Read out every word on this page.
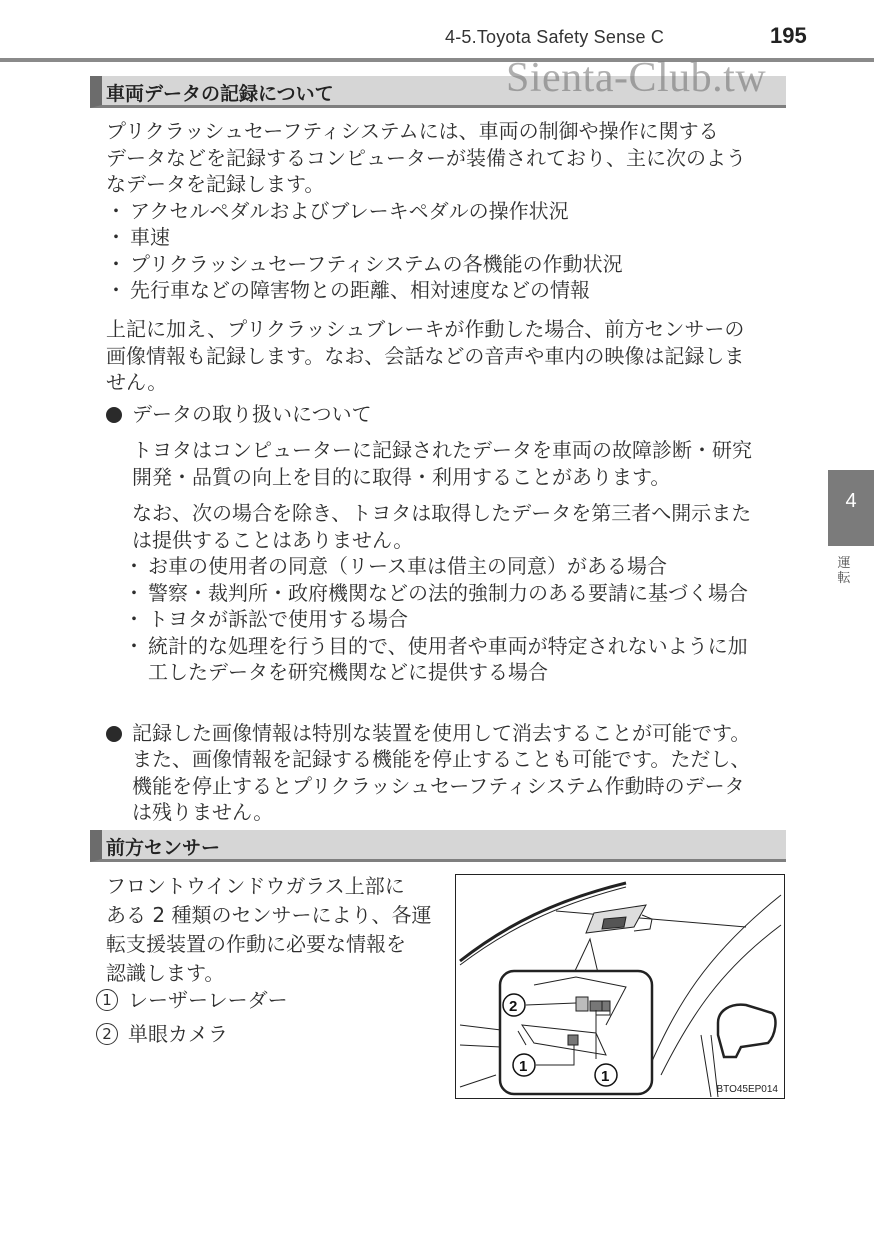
4-5.Toyota Safety Sense C	195
Sienta-Club.tw
4
運転
車両データの記録について
プリクラッシュセーフティシステムには、車両の制御や操作に関する
データなどを記録するコンピューターが装備されており、主に次のよう
なデータを記録します。
・ アクセルペダルおよびブレーキペダルの操作状況
・ 車速
・ プリクラッシュセーフティシステムの各機能の作動状況
・ 先行車などの障害物との距離、相対速度などの情報
上記に加え、プリクラッシュブレーキが作動した場合、前方センサーの
画像情報も記録します。なお、会話などの音声や車内の映像は記録しま
せん。
データの取り扱いについて
トヨタはコンピューターに記録されたデータを車両の故障診断・研究
開発・品質の向上を目的に取得・利用することがあります。
なお、次の場合を除き、トヨタは取得したデータを第三者へ開示また
は提供することはありません。
・ お車の使用者の同意（リース車は借主の同意）がある場合
・ 警察・裁判所・政府機関などの法的強制力のある要請に基づく場合
・ トヨタが訴訟で使用する場合
・ 統計的な処理を行う目的で、使用者や車両が特定されないように加
工したデータを研究機関などに提供する場合
記録した画像情報は特別な装置を使用して消去することが可能です。
また、画像情報を記録する機能を停止することも可能です。ただし、
機能を停止するとプリクラッシュセーフティシステム作動時のデータ
は残りません。
前方センサー
フロントウインドウガラス上部に
ある 2 種類のセンサーにより、各運
転支援装置の作動に必要な情報を
認識します。
1 レーザーレーダー
2 単眼カメラ
2
1
1
BTO45EP014
